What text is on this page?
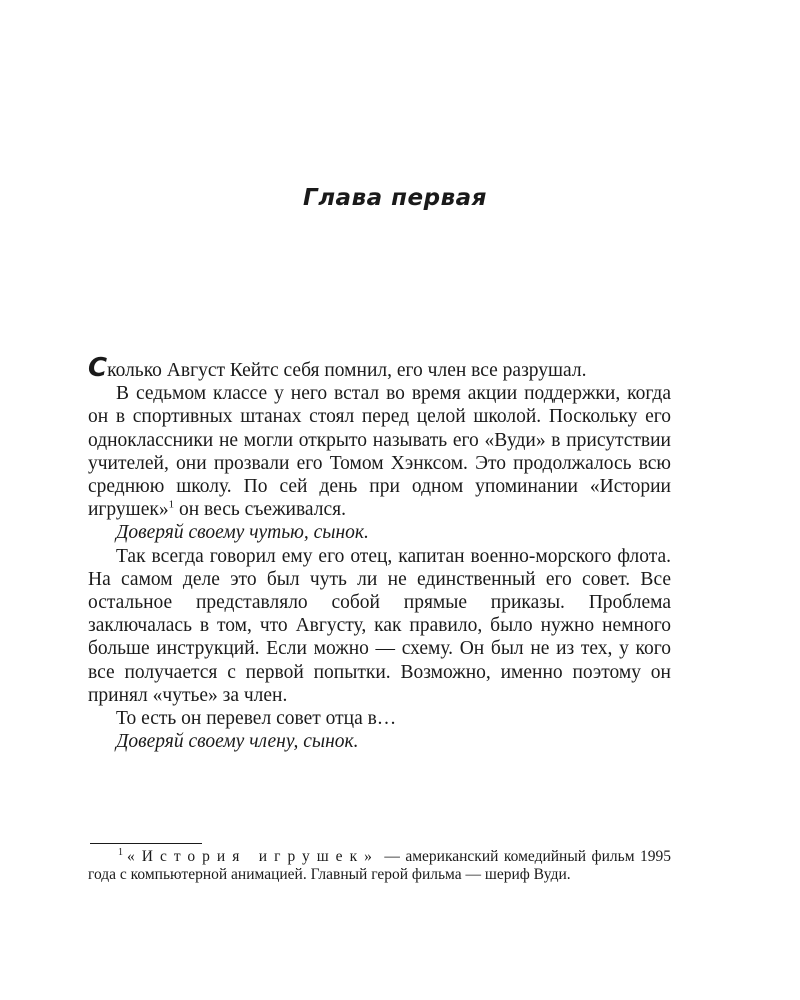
Глава первая

Сколько Август Кейтс себя помнил, его член все разрушал.

В седьмом классе у него встал во время акции поддержки, когда он в спортивных штанах стоял перед целой школой. Поскольку его одноклассники не могли открыто называть его «Вуди» в присутствии учителей, они прозвали его Томом Хэнксом. Это продолжалось всю среднюю школу. По сей день при одном упоминании «Истории игрушек»$^1$ он весь съеживался.

Доверяй своему чутью, сынок.

Так всегда говорил ему его отец, капитан военно-морского флота. На самом деле это был чуть ли не единственный его совет. Все остальное представляло собой прямые приказы. Проблема заключалась в том, что Августу, как правило, было нужно немного больше инструкций. Если можно — схему. Он был не из тех, у кого все получается с первой попытки. Возможно, именно поэтому он принял «чутье» за член.

То есть он перевел совет отца в…

Доверяй своему члену, сынок.

$^1$ «История игрушек» — американский комедийный фильм 1995 года с компьютерной анимацией. Главный герой фильма — шериф Вуди.
